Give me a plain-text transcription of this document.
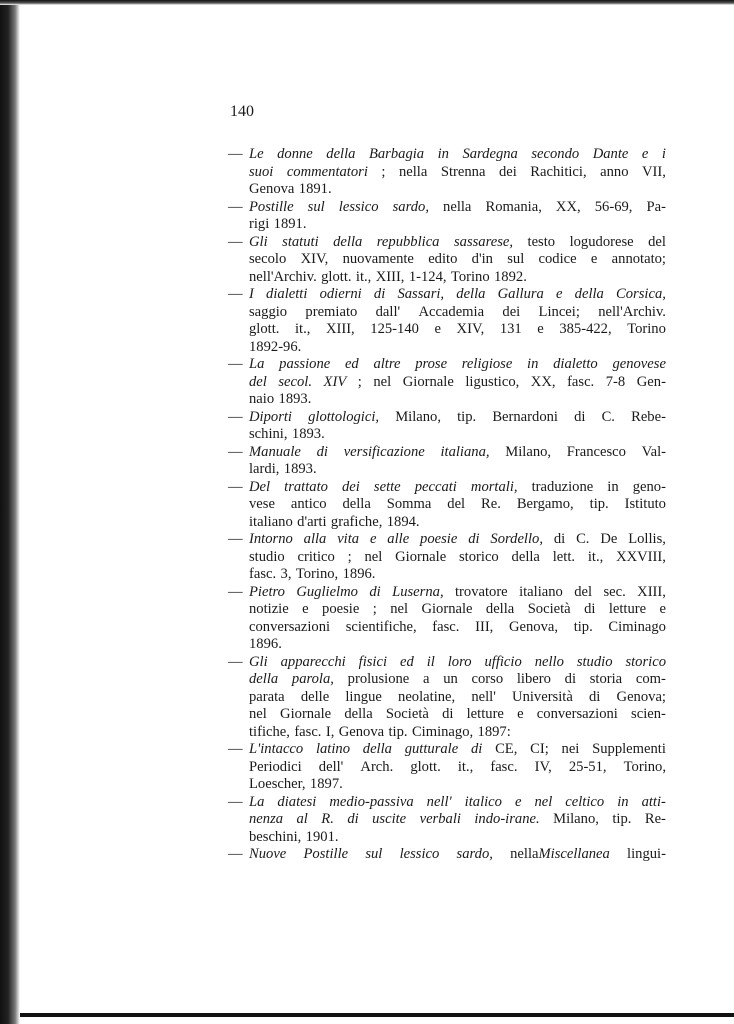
140
— Le donne della Barbagia in Sardegna secondo Dante e i
suoi commentatori ; nella Strenna dei Rachitici, anno VII,
Genova 1891.
— Postille sul lessico sardo, nella Romania, XX, 56-69, Pa-
rigi 1891.
— Gli statuti della repubblica sassarese, testo logudorese del
secolo XIV, nuovamente edito d'in sul codice e annotato;
nell'Archiv. glott. it., XIII, 1-124, Torino 1892.
— I dialetti odierni di Sassari, della Gallura e della Corsica,
saggio premiato dall' Accademia dei Lincei; nell'Archiv.
glott. it., XIII, 125-140 e XIV, 131 e 385-422, Torino
1892-96.
— La passione ed altre prose religiose in dialetto genovese
del secol. XIV ; nel Giornale ligustico, XX, fasc. 7-8 Gen-
naio 1893.
— Diporti glottologici, Milano, tip. Bernardoni di C. Rebe-
schini, 1893.
— Manuale di versificazione italiana, Milano, Francesco Val-
lardi, 1893.
— Del trattato dei sette peccati mortali, traduzione in geno-
vese antico della Somma del Re. Bergamo, tip. Istituto
italiano d'arti grafiche, 1894.
— Intorno alla vita e alle poesie di Sordello, di C. De Lollis,
studio critico ; nel Giornale storico della lett. it., XXVIII,
fasc. 3, Torino, 1896.
— Pietro Guglielmo di Luserna, trovatore italiano del sec. XIII,
notizie e poesie ; nel Giornale della Società di letture e
conversazioni scientifiche, fasc. III, Genova, tip. Ciminago
1896.
— Gli apparecchi fisici ed il loro ufficio nello studio storico
della parola, prolusione a un corso libero di storia com-
parata delle lingue neolatine, nell' Università di Genova;
nel Giornale della Società di letture e conversazioni scien-
tifiche, fasc. I, Genova tip. Ciminago, 1897:
— L'intacco latino della gutturale di CE, CI; nei Supplementi
Periodici dell' Arch. glott. it., fasc. IV, 25-51, Torino,
Loescher, 1897.
— La diatesi medio-passiva nell' italico e nel celtico in atti-
nenza al R. di uscite verbali indo-irane. Milano, tip. Re-
beschini, 1901.
— Nuove Postille sul lessico sardo, nellaMiscellanea lingui-
